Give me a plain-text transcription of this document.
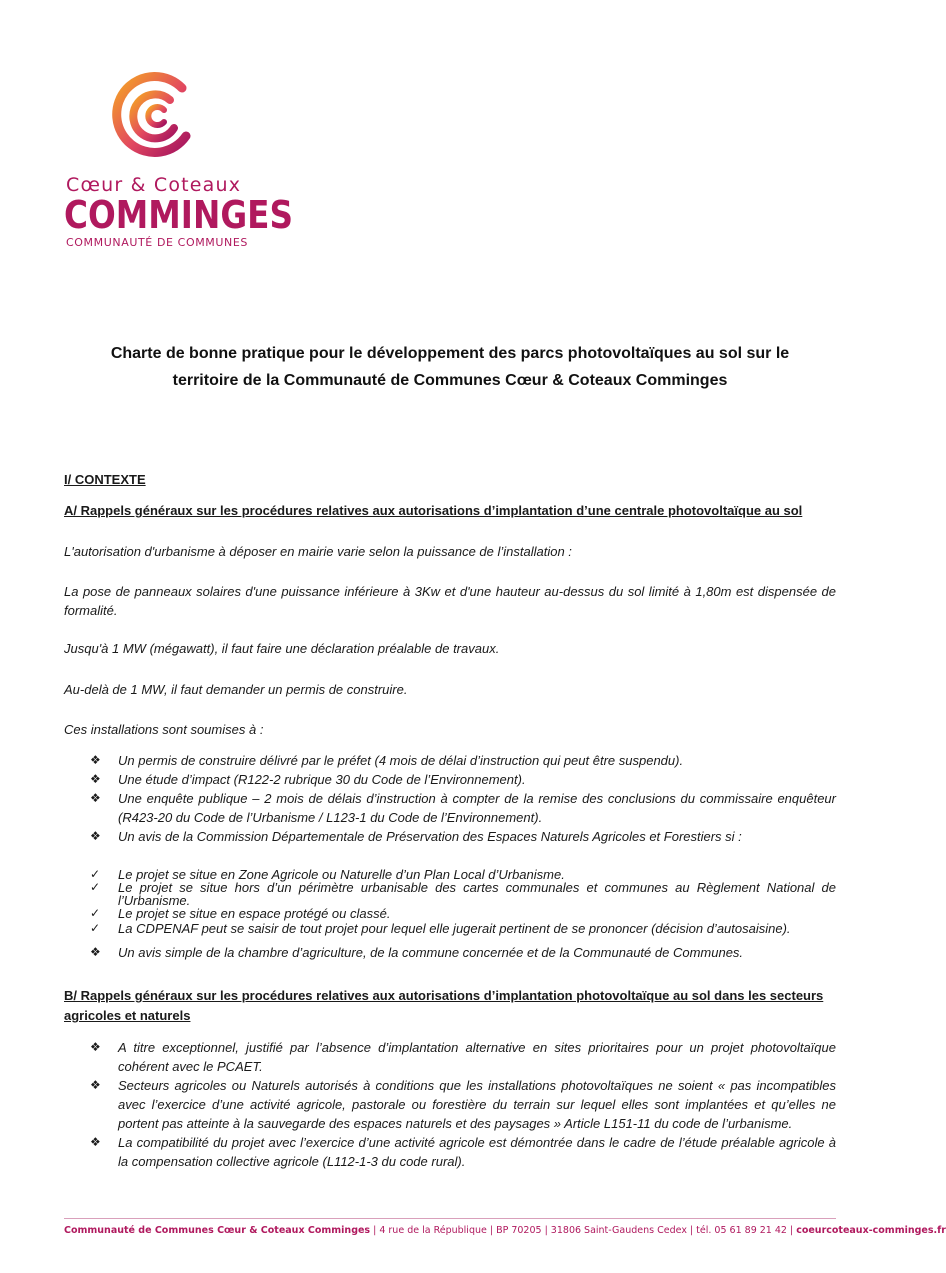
Cœur & Coteaux
COMMINGES
COMMUNAUTÉ DE COMMUNES
Charte de bonne pratique pour le développement des parcs photovoltaïques au sol sur le
territoire de la Communauté de Communes Cœur & Coteaux Comminges
I/ CONTEXTE
A/ Rappels généraux sur les procédures relatives aux autorisations d’implantation d’une centrale photovoltaïque au sol
L'autorisation d'urbanisme à déposer en mairie varie selon la puissance de l’installation :
La pose de panneaux solaires d'une puissance inférieure à 3Kw et d'une hauteur au-dessus du sol limité à 1,80m est dispensée de formalité.
Jusqu'à 1 MW (mégawatt), il faut faire une déclaration préalable de travaux.
Au-delà de 1 MW, il faut demander un permis de construire.
Ces installations sont soumises à :
❖ Un permis de construire délivré par le préfet (4 mois de délai d’instruction qui peut être suspendu).
❖ Une étude d’impact (R122-2 rubrique 30 du Code de l’Environnement).
❖ Une enquête publique – 2 mois de délais d’instruction à compter de la remise des conclusions du commissaire enquêteur (R423-20 du Code de l’Urbanisme / L123-1 du Code de l’Environnement).
❖ Un avis de la Commission Départementale de Préservation des Espaces Naturels Agricoles et Forestiers si :
✓ Le projet se situe en Zone Agricole ou Naturelle d’un Plan Local d’Urbanisme.
✓ Le projet se situe hors d’un périmètre urbanisable des cartes communales et communes au Règlement National de l’Urbanisme.
✓ Le projet se situe en espace protégé ou classé.
✓ La CDPENAF peut se saisir de tout projet pour lequel elle jugerait pertinent de se prononcer (décision d’autosaisine).
❖ Un avis simple de la chambre d’agriculture, de la commune concernée et de la Communauté de Communes.
B/ Rappels généraux sur les procédures relatives aux autorisations d’implantation photovoltaïque au sol dans les secteurs agricoles et naturels
❖ A titre exceptionnel, justifié par l’absence d’implantation alternative en sites prioritaires pour un projet photovoltaïque cohérent avec le PCAET.
❖ Secteurs agricoles ou Naturels autorisés à conditions que les installations photovoltaïques ne soient « pas incompatibles avec l’exercice d’une activité agricole, pastorale ou forestière du terrain sur lequel elles sont implantées et qu’elles ne portent pas atteinte à la sauvegarde des espaces naturels et des paysages » Article L151-11 du code de l’urbanisme.
❖ La compatibilité du projet avec l’exercice d’une activité agricole est démontrée dans le cadre de l’étude préalable agricole à la compensation collective agricole (L112-1-3 du code rural).
Communauté de Communes Cœur & Coteaux Comminges | 4 rue de la République | BP 70205 | 31806 Saint-Gaudens Cedex | tél. 05 61 89 21 42 | coeurcoteaux-comminges.fr
